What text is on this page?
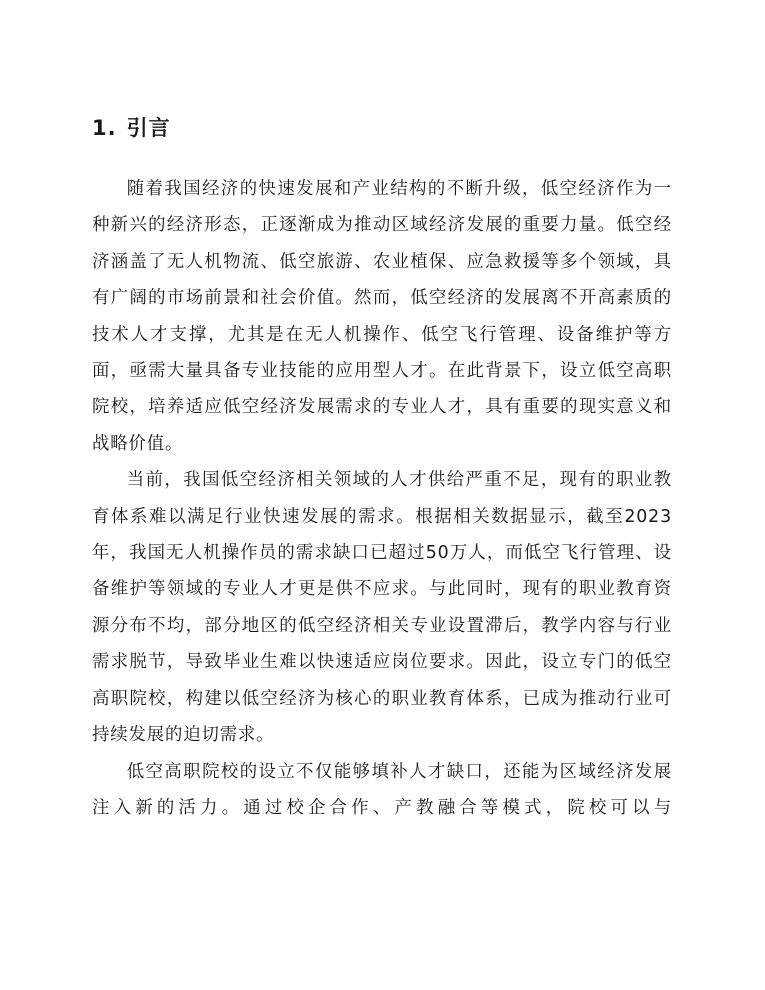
1. 引言

随着我国经济的快速发展和产业结构的不断升级，低空经济作为一种新兴的经济形态，正逐渐成为推动区域经济发展的重要力量。低空经济涵盖了无人机物流、低空旅游、农业植保、应急救援等多个领域，具有广阔的市场前景和社会价值。然而，低空经济的发展离不开高素质的技术人才支撑，尤其是在无人机操作、低空飞行管理、设备维护等方面，亟需大量具备专业技能的应用型人才。在此背景下，设立低空高职院校，培养适应低空经济发展需求的专业人才，具有重要的现实意义和战略价值。

当前，我国低空经济相关领域的人才供给严重不足，现有的职业教育体系难以满足行业快速发展的需求。根据相关数据显示，截至2023年，我国无人机操作员的需求缺口已超过50万人，而低空飞行管理、设备维护等领域的专业人才更是供不应求。与此同时，现有的职业教育资源分布不均，部分地区的低空经济相关专业设置滞后，教学内容与行业需求脱节，导致毕业生难以快速适应岗位要求。因此，设立专门的低空高职院校，构建以低空经济为核心的职业教育体系，已成为推动行业可持续发展的迫切需求。

低空高职院校的设立不仅能够填补人才缺口，还能为区域经济发展注入新的活力。通过校企合作、产教融合等模式，院校可以与
